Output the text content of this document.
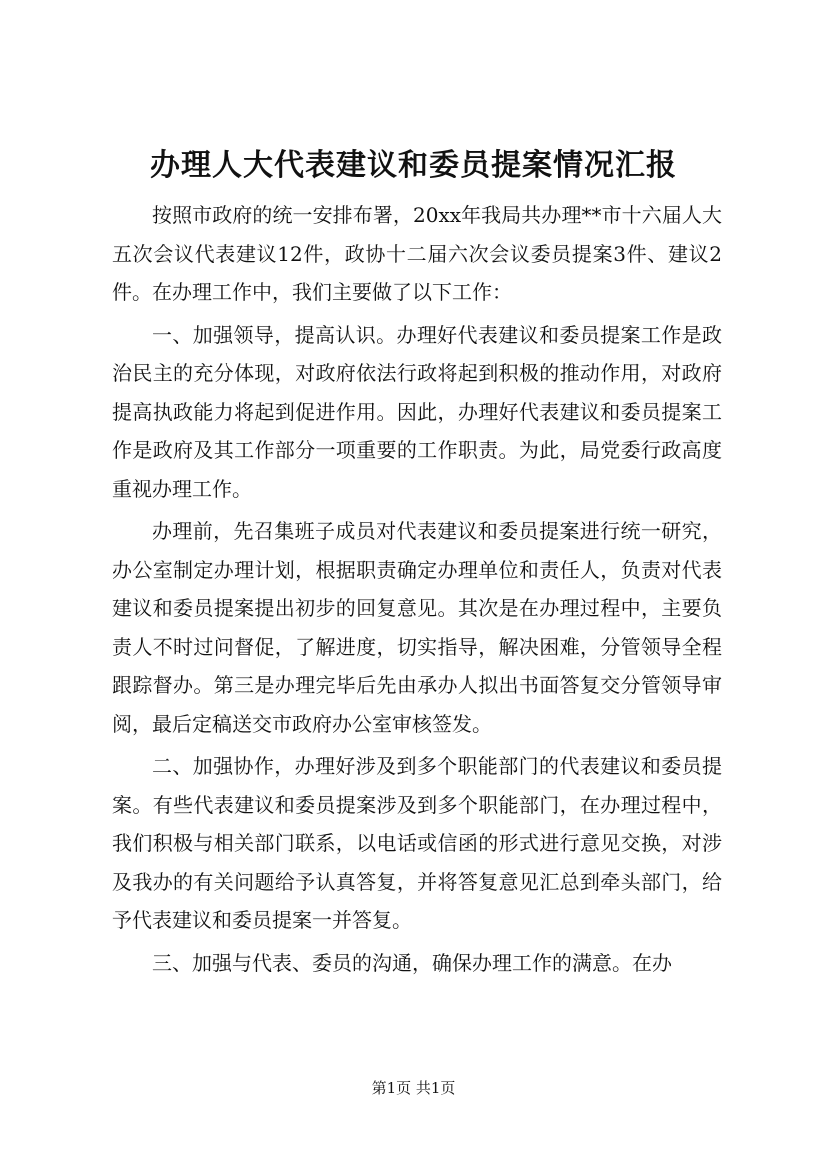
办理人大代表建议和委员提案情况汇报

按照市政府的统一安排布署，20xx年我局共办理**市十六届人大五次会议代表建议12件，政协十二届六次会议委员提案3件、建议2件。在办理工作中，我们主要做了以下工作：

一、加强领导，提高认识。办理好代表建议和委员提案工作是政治民主的充分体现，对政府依法行政将起到积极的推动作用，对政府提高执政能力将起到促进作用。因此，办理好代表建议和委员提案工作是政府及其工作部分一项重要的工作职责。为此，局党委行政高度重视办理工作。

办理前，先召集班子成员对代表建议和委员提案进行统一研究，办公室制定办理计划，根据职责确定办理单位和责任人，负责对代表建议和委员提案提出初步的回复意见。其次是在办理过程中，主要负责人不时过问督促，了解进度，切实指导，解决困难，分管领导全程跟踪督办。第三是办理完毕后先由承办人拟出书面答复交分管领导审阅，最后定稿送交市政府办公室审核签发。

二、加强协作，办理好涉及到多个职能部门的代表建议和委员提案。有些代表建议和委员提案涉及到多个职能部门，在办理过程中，我们积极与相关部门联系，以电话或信函的形式进行意见交换，对涉及我办的有关问题给予认真答复，并将答复意见汇总到牵头部门，给予代表建议和委员提案一并答复。

三、加强与代表、委员的沟通，确保办理工作的满意。在办

第1页 共1页
